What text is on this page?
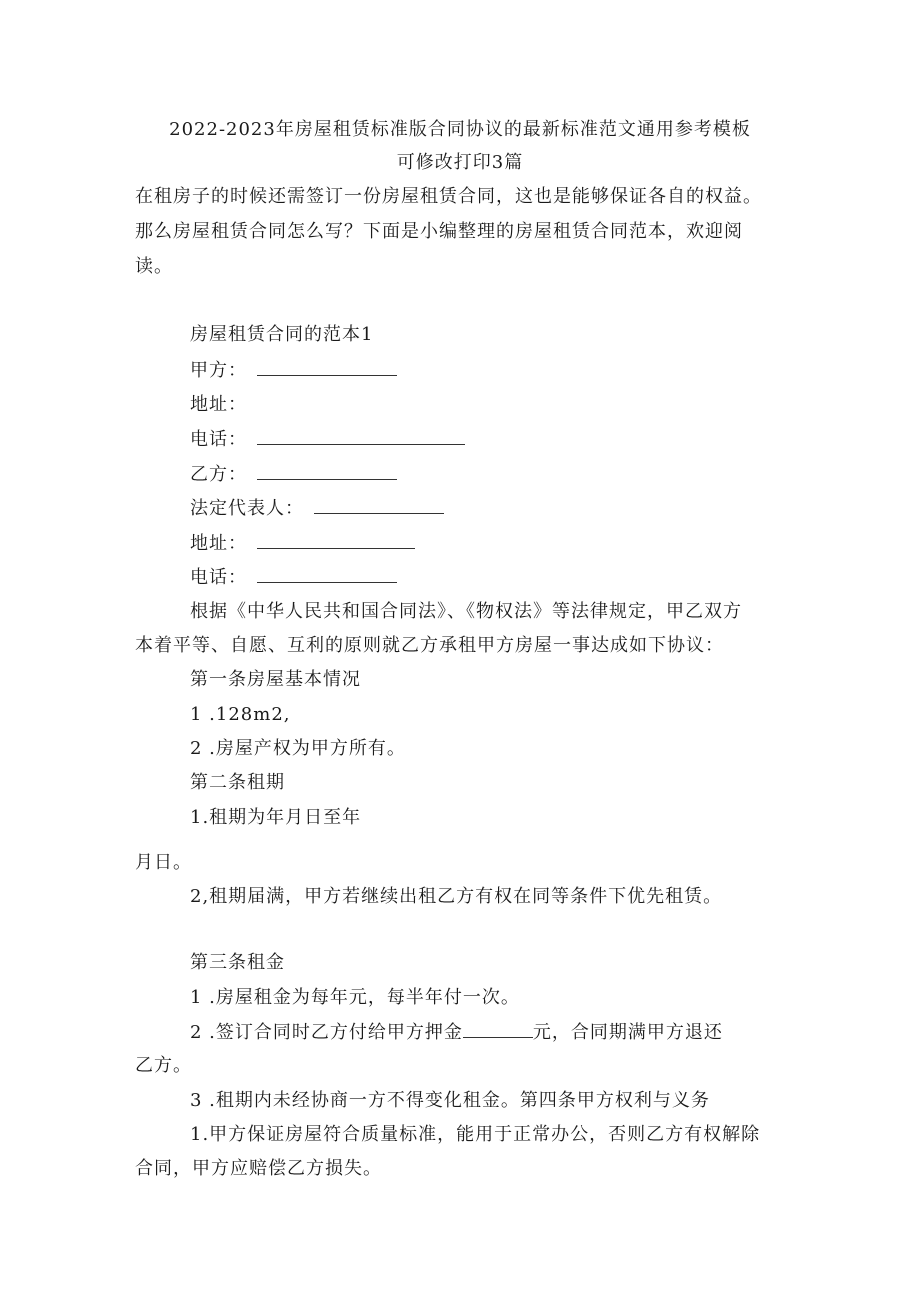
2022-2023年房屋租赁标准版合同协议的最新标准范文通用参考模板
可修改打印3篇
在租房子的时候还需签订一份房屋租赁合同，这也是能够保证各自的权益。
那么房屋租赁合同怎么写？下面是小编整理的房屋租赁合同范本，欢迎阅
读。
房屋租赁合同的范本1
甲方：
地址：
电话：
乙方：
法定代表人：
地址：
电话：
根据《中华人民共和国合同法》、《物权法》等法律规定，甲乙双方
本着平等、自愿、互利的原则就乙方承租甲方房屋一事达成如下协议：
第一条房屋基本情况
1 .128m2,
2 .房屋产权为甲方所有。
第二条租期
1.租期为年月日至年
月日。
2,租期届满，甲方若继续出租乙方有权在同等条件下优先租赁。
第三条租金
1 .房屋租金为每年元，每半年付一次。
2 .签订合同时乙方付给甲方押金	元，合同期满甲方退还
乙方。
3 .租期内未经协商一方不得变化租金。第四条甲方权利与义务
1.甲方保证房屋符合质量标准，能用于正常办公，否则乙方有权解除
合同，甲方应赔偿乙方损失。
